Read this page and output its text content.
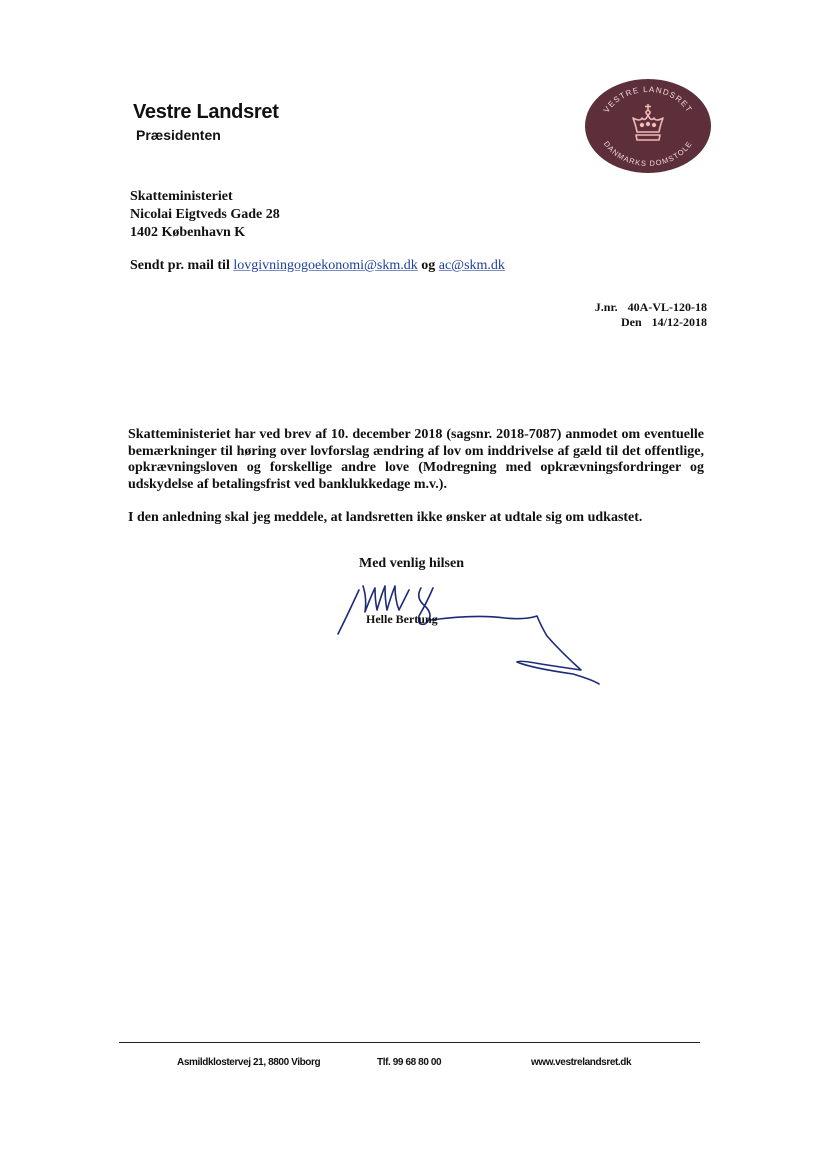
Vestre Landsret
Præsidenten
VESTRE LANDSRET
DANMARKS DOMSTOLE
Skatteministeriet
Nicolai Eigtveds Gade 28
1402 København K
Sendt pr. mail til lovgivningogoekonomi@skm.dk og ac@skm.dk
J.nr. 40A-VL-120-18
Den 14/12-2018

Skatteministeriet har ved brev af 10. december 2018 (sagsnr. 2018-7087) anmodet om eventuelle bemærkninger til høring over lovforslag ændring af lov om inddrivelse af gæld til det offentlige, opkrævningsloven og forskellige andre love (Modregning med opkrævningsfordringer og udskydelse af betalingsfrist ved banklukkedage m.v.).

I den anledning skal jeg meddele, at landsretten ikke ønsker at udtale sig om udkastet.

Med venlig hilsen
Helle Bertung
Asmildklostervej 21, 8800 Viborg	Tlf. 99 68 80 00	www.vestrelandsret.dk
